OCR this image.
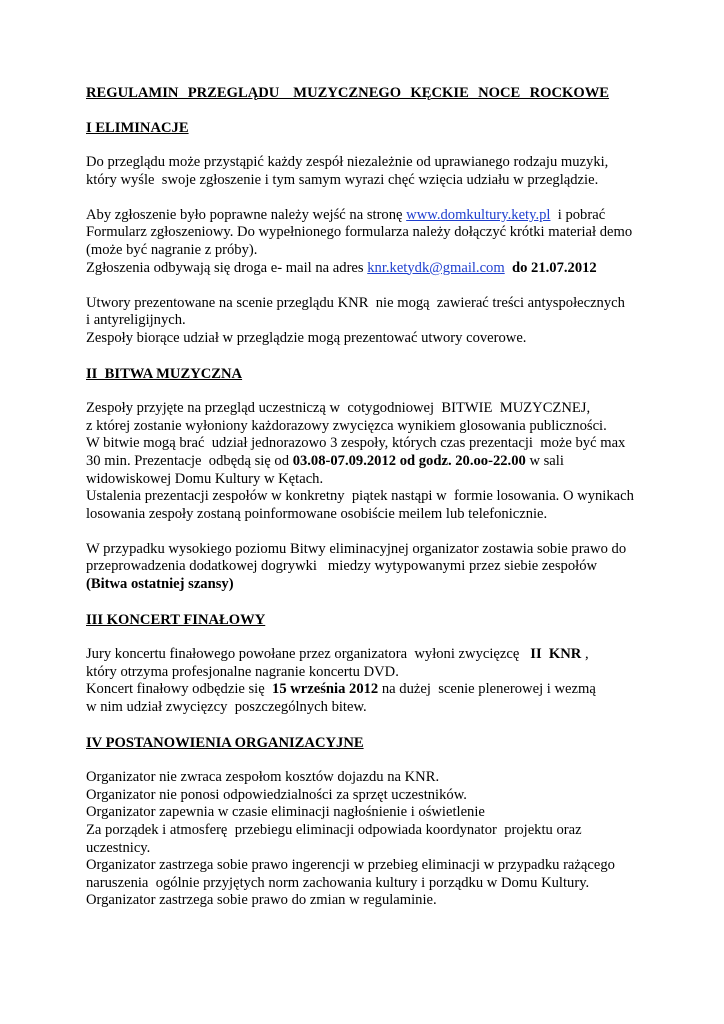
REGULAMIN  PRZEGLĄDU   MUZYCZNEGO  KĘCKIE  NOCE  ROCKOWE
I ELIMINACJE

Do przeglądu może przystąpić każdy zespół niezależnie od uprawianego rodzaju muzyki,
który wyśle  swoje zgłoszenie i tym samym wyrazi chęć wzięcia udziału w przeglądzie.

Aby zgłoszenie było poprawne należy wejść na stronę www.domkultury.kety.pl  i pobrać
Formularz zgłoszeniowy. Do wypełnionego formularza należy dołączyć krótki materiał demo
(może być nagranie z próby).
Zgłoszenia odbywają się droga e- mail na adres knr.ketydk@gmail.com  do 21.07.2012

Utwory prezentowane na scenie przeglądu KNR  nie mogą  zawierać treści antyspołecznych
i antyreligijnych.
Zespoły biorące udział w przeglądzie mogą prezentować utwory coverowe.

II  BITWA MUZYCZNA

Zespoły przyjęte na przegląd uczestniczą w  cotygodniowej  BITWIE  MUZYCZNEJ,
z której zostanie wyłoniony każdorazowy zwycięzca wynikiem glosowania publiczności.
W bitwie mogą brać  udział jednorazowo 3 zespoły, których czas prezentacji  może być max
30 min. Prezentacje  odbędą się od 03.08-07.09.2012 od godz. 20.oo-22.00 w sali
widowiskowej Domu Kultury w Kętach.
Ustalenia prezentacji zespołów w konkretny  piątek nastąpi w  formie losowania. O wynikach
losowania zespoły zostaną poinformowane osobiście meilem lub telefonicznie.

W przypadku wysokiego poziomu Bitwy eliminacyjnej organizator zostawia sobie prawo do
przeprowadzenia dodatkowej dogrywki   miedzy wytypowanymi przez siebie zespołów
(Bitwa ostatniej szansy)

III KONCERT FINAŁOWY

Jury koncertu finałowego powołane przez organizatora  wyłoni zwycięzcę   II  KNR ,
który otrzyma profesjonalne nagranie koncertu DVD.
Koncert finałowy odbędzie się  15 września 2012 na dużej  scenie plenerowej i wezmą
w nim udział zwycięzcy  poszczególnych bitew.

IV POSTANOWIENIA ORGANIZACYJNE

Organizator nie zwraca zespołom kosztów dojazdu na KNR.
Organizator nie ponosi odpowiedzialności za sprzęt uczestników.
Organizator zapewnia w czasie eliminacji nagłośnienie i oświetlenie
Za porządek i atmosferę  przebiegu eliminacji odpowiada koordynator  projektu oraz
uczestnicy.
Organizator zastrzega sobie prawo ingerencji w przebieg eliminacji w przypadku rażącego
naruszenia  ogólnie przyjętych norm zachowania kultury i porządku w Domu Kultury.
Organizator zastrzega sobie prawo do zmian w regulaminie.
